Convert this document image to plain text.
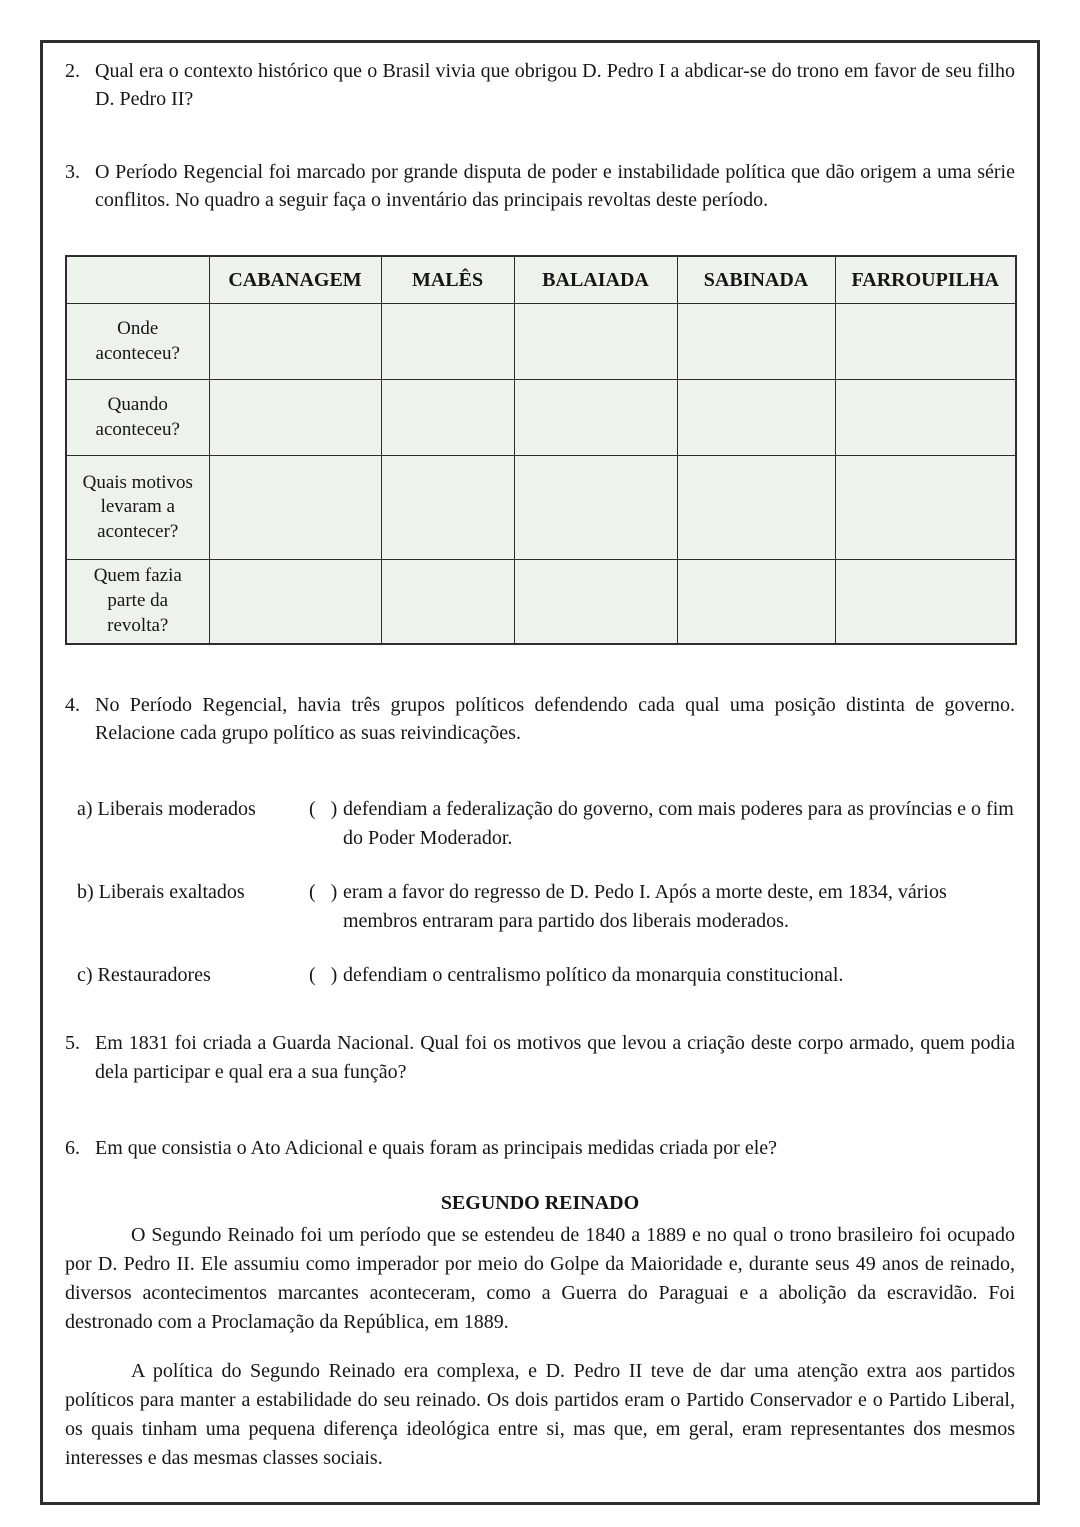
2. Qual era o contexto histórico que o Brasil vivia que obrigou D. Pedro I a abdicar-se do trono em favor de seu filho D. Pedro II?
3. O Período Regencial foi marcado por grande disputa de poder e instabilidade política que dão origem a uma série conflitos. No quadro a seguir faça o inventário das principais revoltas deste período.
	CABANAGEM	MALÊS	BALAIADA	SABINADA	FARROUPILHA
Onde aconteceu?					
Quando aconteceu?					
Quais motivos levaram a acontecer?					
Quem fazia parte da revolta?					
4. No Período Regencial, havia três grupos políticos defendendo cada qual uma posição distinta de governo. Relacione cada grupo político as suas reivindicações.
a) Liberais moderados	(   ) defendiam a federalização do governo, com mais poderes para as províncias e o fim do Poder Moderador.
b) Liberais exaltados	(   ) eram a favor do regresso de D. Pedo I. Após a morte deste, em 1834, vários membros entraram para partido dos liberais moderados.
c) Restauradores	(   ) defendiam o centralismo político da monarquia constitucional.
5. Em 1831 foi criada a Guarda Nacional. Qual foi os motivos que levou a criação deste corpo armado, quem podia dela participar e qual era a sua função?
6. Em que consistia o Ato Adicional e quais foram as principais medidas criada por ele?
SEGUNDO REINADO

O Segundo Reinado foi um período que se estendeu de 1840 a 1889 e no qual o trono brasileiro foi ocupado por D. Pedro II. Ele assumiu como imperador por meio do Golpe da Maioridade e, durante seus 49 anos de reinado, diversos acontecimentos marcantes aconteceram, como a Guerra do Paraguai e a abolição da escravidão. Foi destronado com a Proclamação da República, em 1889.

A política do Segundo Reinado era complexa, e D. Pedro II teve de dar uma atenção extra aos partidos políticos para manter a estabilidade do seu reinado. Os dois partidos eram o Partido Conservador e o Partido Liberal, os quais tinham uma pequena diferença ideológica entre si, mas que, em geral, eram representantes dos mesmos interesses e das mesmas classes sociais.
